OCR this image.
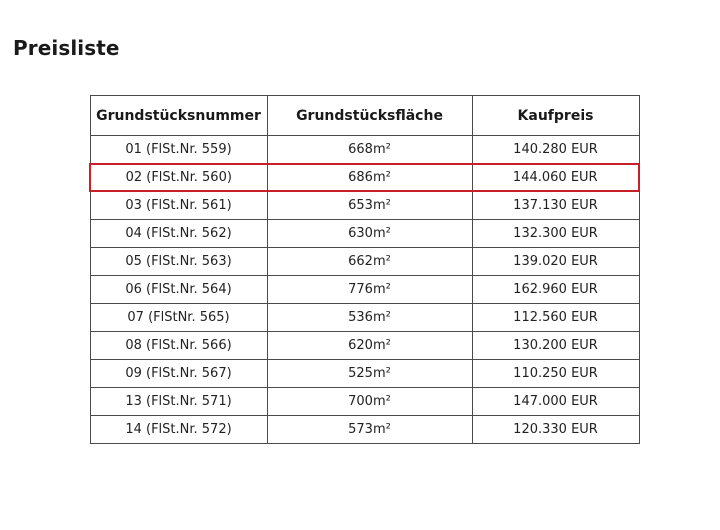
Preisliste
Grundstücksnummer	Grundstücksfläche	Kaufpreis
01 (FlSt.Nr. 559)	668m²	140.280 EUR
02 (FlSt.Nr. 560)	686m²	144.060 EUR
03 (FlSt.Nr. 561)	653m²	137.130 EUR
04 (FlSt.Nr. 562)	630m²	132.300 EUR
05 (FlSt.Nr. 563)	662m²	139.020 EUR
06 (FlSt.Nr. 564)	776m²	162.960 EUR
07 (FlStNr. 565)	536m²	112.560 EUR
08 (FlSt.Nr. 566)	620m²	130.200 EUR
09 (FlSt.Nr. 567)	525m²	110.250 EUR
13 (FlSt.Nr. 571)	700m²	147.000 EUR
14 (FlSt.Nr. 572)	573m²	120.330 EUR
